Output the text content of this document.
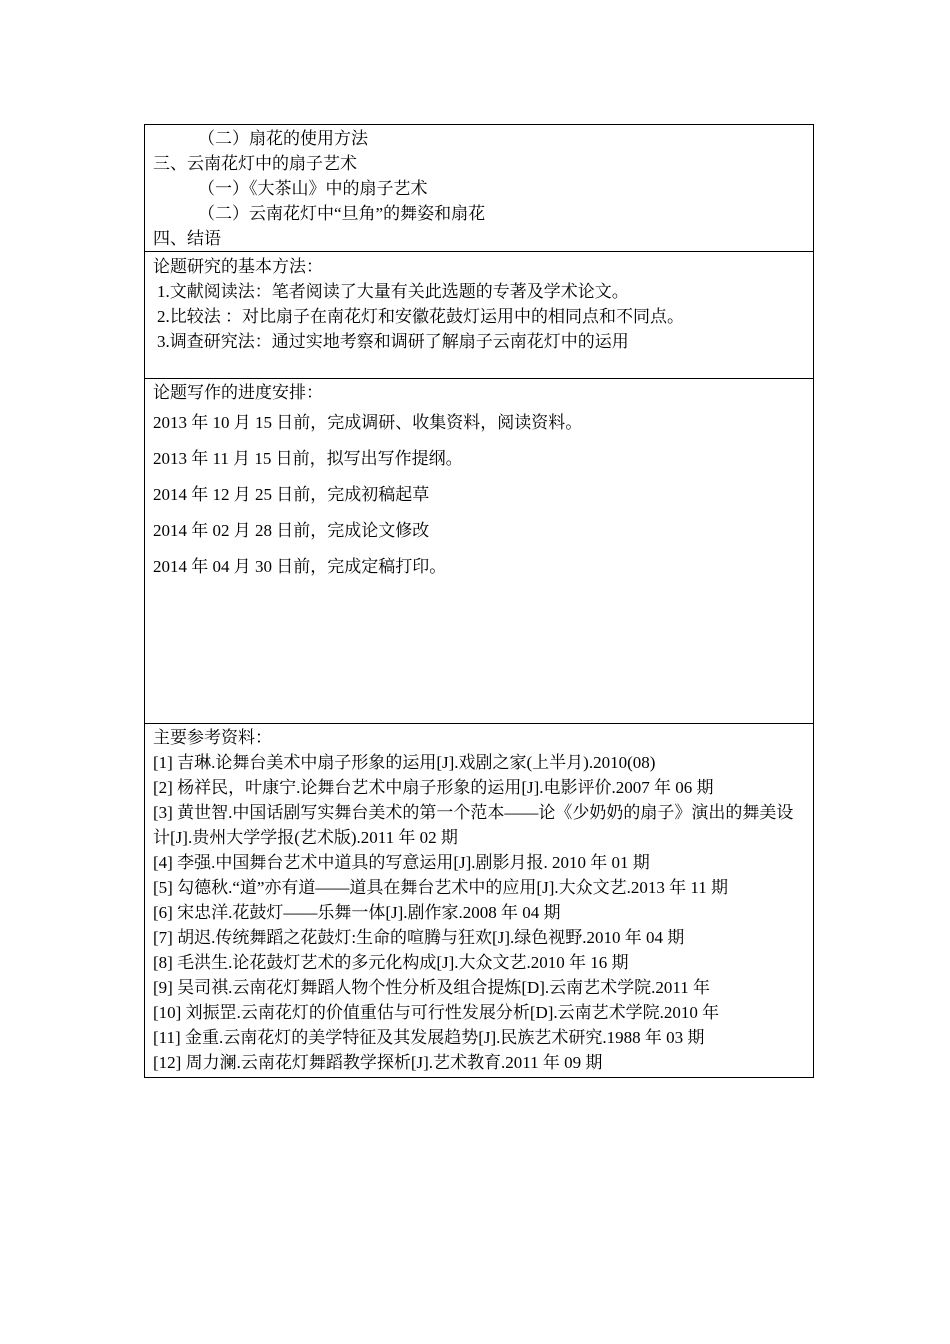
（二）扇花的使用方法
三、云南花灯中的扇子艺术
（一）《大茶山》中的扇子艺术
（二）云南花灯中“旦角”的舞姿和扇花
四、结语

论题研究的基本方法：
1.文献阅读法：笔者阅读了大量有关此选题的专著及学术论文。
2.比较法 ：对比扇子在南花灯和安徽花鼓灯运用中的相同点和不同点。
3.调查研究法：通过实地考察和调研了解扇子云南花灯中的运用

论题写作的进度安排：
2013 年 10 月 15 日前，完成调研、收集资料，阅读资料。
2013 年 11 月 15 日前，拟写出写作提纲。
2014 年 12 月 25 日前，完成初稿起草
2014 年 02 月 28 日前，完成论文修改
2014 年 04 月 30 日前，完成定稿打印。

主要参考资料：
[1] 吉琳.论舞台美术中扇子形象的运用[J].戏剧之家(上半月).2010(08)
[2] 杨祥民，叶康宁.论舞台艺术中扇子形象的运用[J].电影评价.2007 年 06 期
[3] 黄世智.中国话剧写实舞台美术的第一个范本——论《少奶奶的扇子》演出的舞美设计[J].贵州大学学报(艺术版).2011 年 02 期
[4] 李强.中国舞台艺术中道具的写意运用[J].剧影月报. 2010 年 01 期
[5] 勾德秋.“道”亦有道——道具在舞台艺术中的应用[J].大众文艺.2013 年 11 期
[6] 宋忠洋.花鼓灯——乐舞一体[J].剧作家.2008 年 04 期
[7] 胡迟.传统舞蹈之花鼓灯:生命的喧腾与狂欢[J].绿色视野.2010 年 04 期
[8] 毛洪生.论花鼓灯艺术的多元化构成[J].大众文艺.2010 年 16 期
[9] 吴司祺.云南花灯舞蹈人物个性分析及组合提炼[D].云南艺术学院.2011 年
[10] 刘振罡.云南花灯的价值重估与可行性发展分析[D].云南艺术学院.2010 年
[11] 金重.云南花灯的美学特征及其发展趋势[J].民族艺术研究.1988 年 03 期
[12] 周力澜.云南花灯舞蹈教学探析[J].艺术教育.2011 年 09 期
